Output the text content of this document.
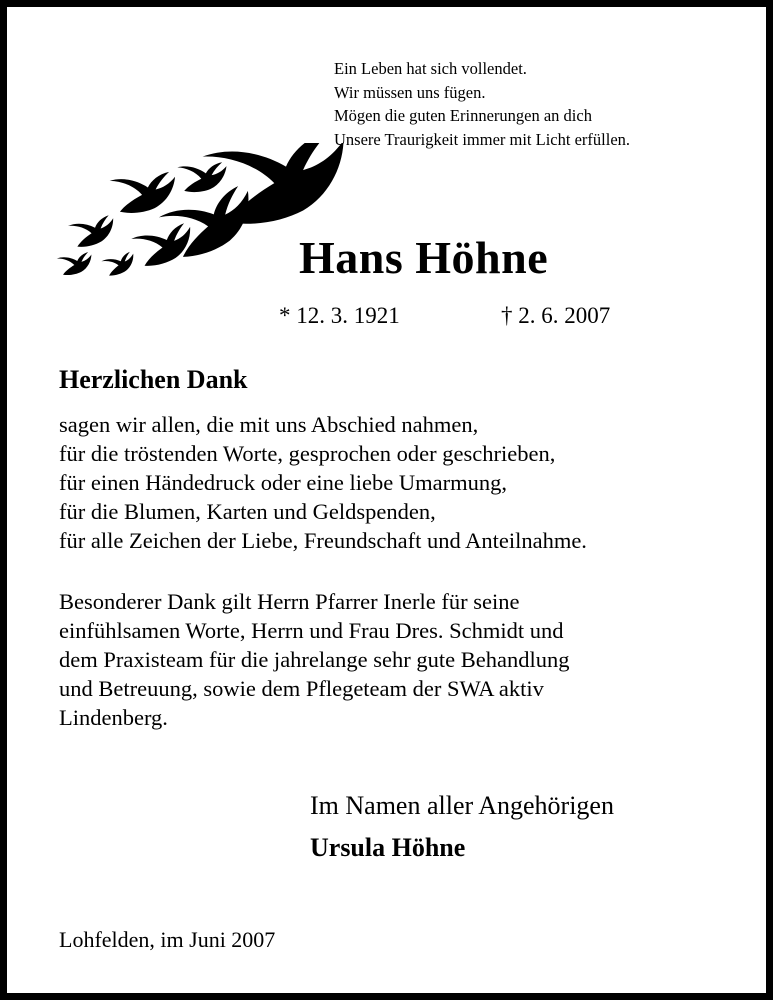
Ein Leben hat sich vollendet.
Wir müssen uns fügen.
Mögen die guten Erinnerungen an dich
Unsere Traurigkeit immer mit Licht erfüllen.
Hans Höhne
* 12. 3. 1921	† 2. 6. 2007
Herzlichen Dank
sagen wir allen, die mit uns Abschied nahmen,
für die tröstenden Worte, gesprochen oder geschrieben,
für einen Händedruck oder eine liebe Umarmung,
für die Blumen, Karten und Geldspenden,
für alle Zeichen der Liebe, Freundschaft und Anteilnahme.
Besonderer Dank gilt Herrn Pfarrer Inerle für seine
einfühlsamen Worte, Herrn und Frau Dres. Schmidt und
dem Praxisteam für die jahrelange sehr gute Behandlung
und Betreuung, sowie dem Pflegeteam der SWA aktiv
Lindenberg.
Im Namen aller Angehörigen
Ursula Höhne
Lohfelden, im Juni 2007
